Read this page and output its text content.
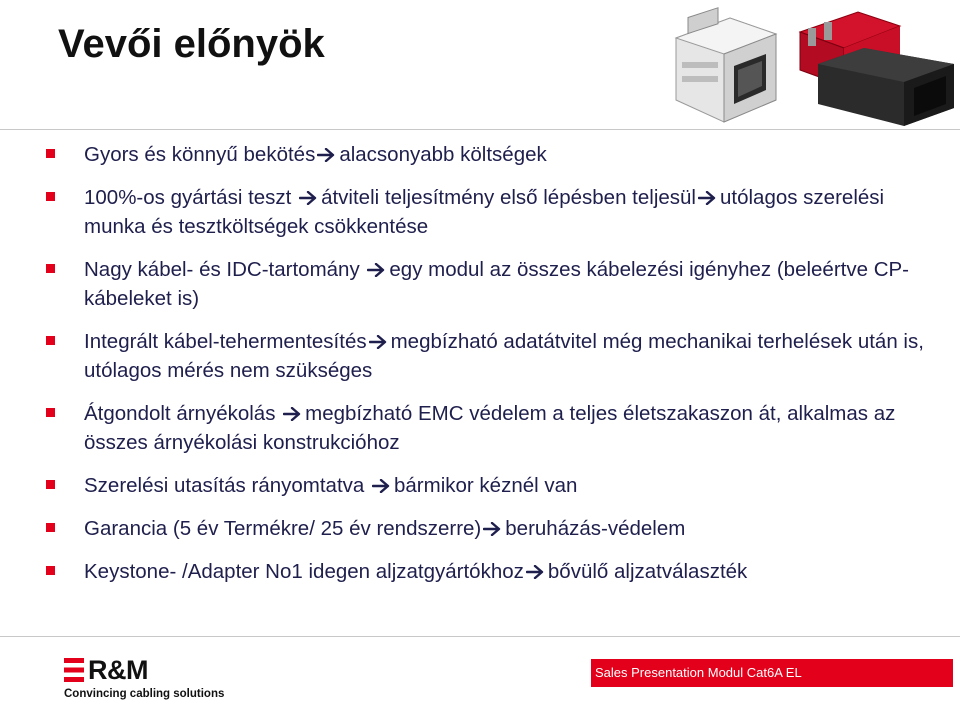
Vevői előnyök
Gyors és könnyű bekötés alacsonyabb költségek
100%-os gyártási teszt átviteli teljesítmény első lépésben teljesül utólagos szerelési munka és tesztköltségek csökkentése
Nagy kábel- és IDC-tartomány egy modul az összes kábelezési igényhez (beleértve CP-kábeleket is)
Integrált kábel-tehermentesítés megbízható adatátvitel még mechanikai terhelések után is, utólagos mérés nem szükséges
Átgondolt árnyékolás megbízható EMC védelem a teljes életszakaszon át, alkalmas az összes árnyékolási konstrukcióhoz
Szerelési utasítás rányomtatva bármikor kéznél van
Garancia (5 év Termékre/ 25 év rendszerre) beruházás-védelem
Keystone- /Adapter No1 idegen aljzatgyártókhoz bővülő aljzatválaszték
R&M
Convincing cabling solutions
Sales Presentation Modul Cat6A EL
